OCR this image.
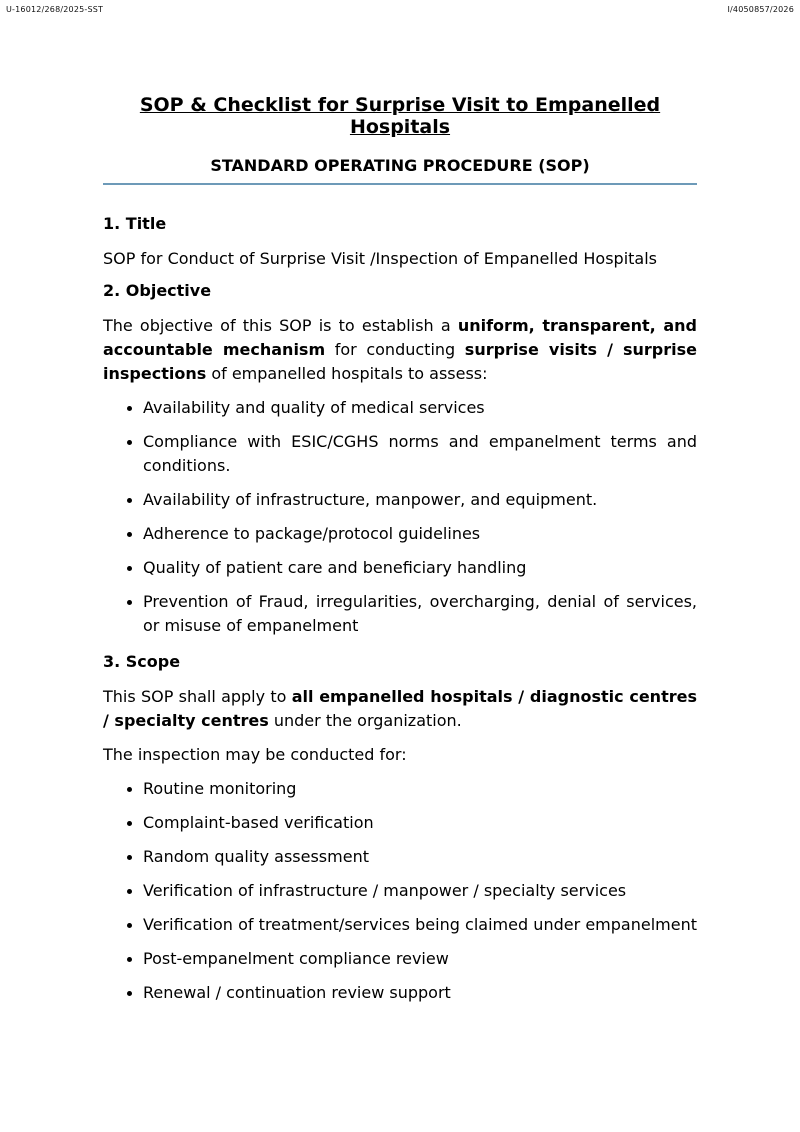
U-16012/268/2025-SST	I/4050857/2026
SOP & Checklist for Surprise Visit to Empanelled Hospitals
STANDARD OPERATING PROCEDURE (SOP)
1. Title

SOP for Conduct of Surprise Visit /Inspection of Empanelled Hospitals

2. Objective

The objective of this SOP is to establish a uniform, transparent, and accountable mechanism for conducting surprise visits / surprise inspections of empanelled hospitals to assess:

Availability and quality of medical services
Compliance with ESIC/CGHS norms and empanelment terms and conditions.
Availability of infrastructure, manpower, and equipment.
Adherence to package/protocol guidelines
Quality of patient care and beneficiary handling
Prevention of Fraud, irregularities, overcharging, denial of services, or misuse of empanelment
3. Scope

This SOP shall apply to all empanelled hospitals / diagnostic centres / specialty centres under the organization.

The inspection may be conducted for:

Routine monitoring
Complaint-based verification
Random quality assessment
Verification of infrastructure / manpower / specialty services
Verification of treatment/services being claimed under empanelment
Post-empanelment compliance review
Renewal / continuation review support
